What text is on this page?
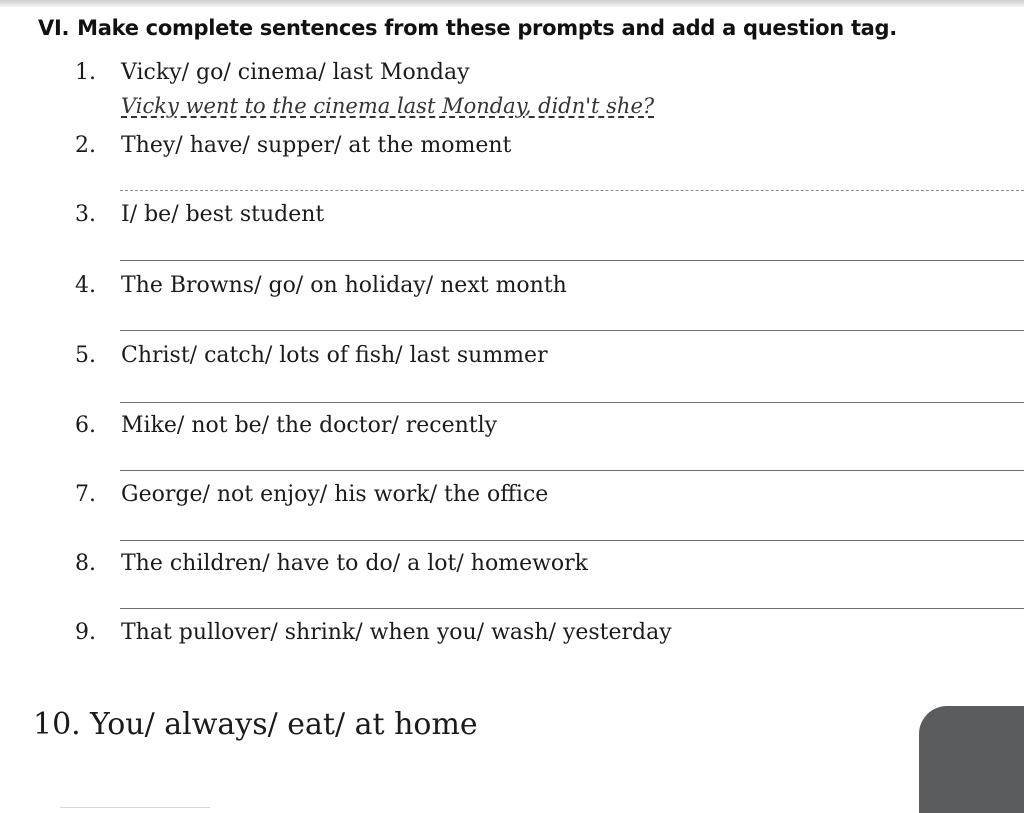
VI. Make complete sentences from these prompts and add a question tag.
1. Vicky/ go/ cinema/ last Monday
Vicky went to the cinema last Monday, didn't she?
2. They/ have/ supper/ at the moment
3. I/ be/ best student
4. The Browns/ go/ on holiday/ next month
5. Christ/ catch/ lots of fish/ last summer
6. Mike/ not be/ the doctor/ recently
7. George/ not enjoy/ his work/ the office
8. The children/ have to do/ a lot/ homework
9. That pullover/ shrink/ when you/ wash/ yesterday
10. You/ always/ eat/ at home
